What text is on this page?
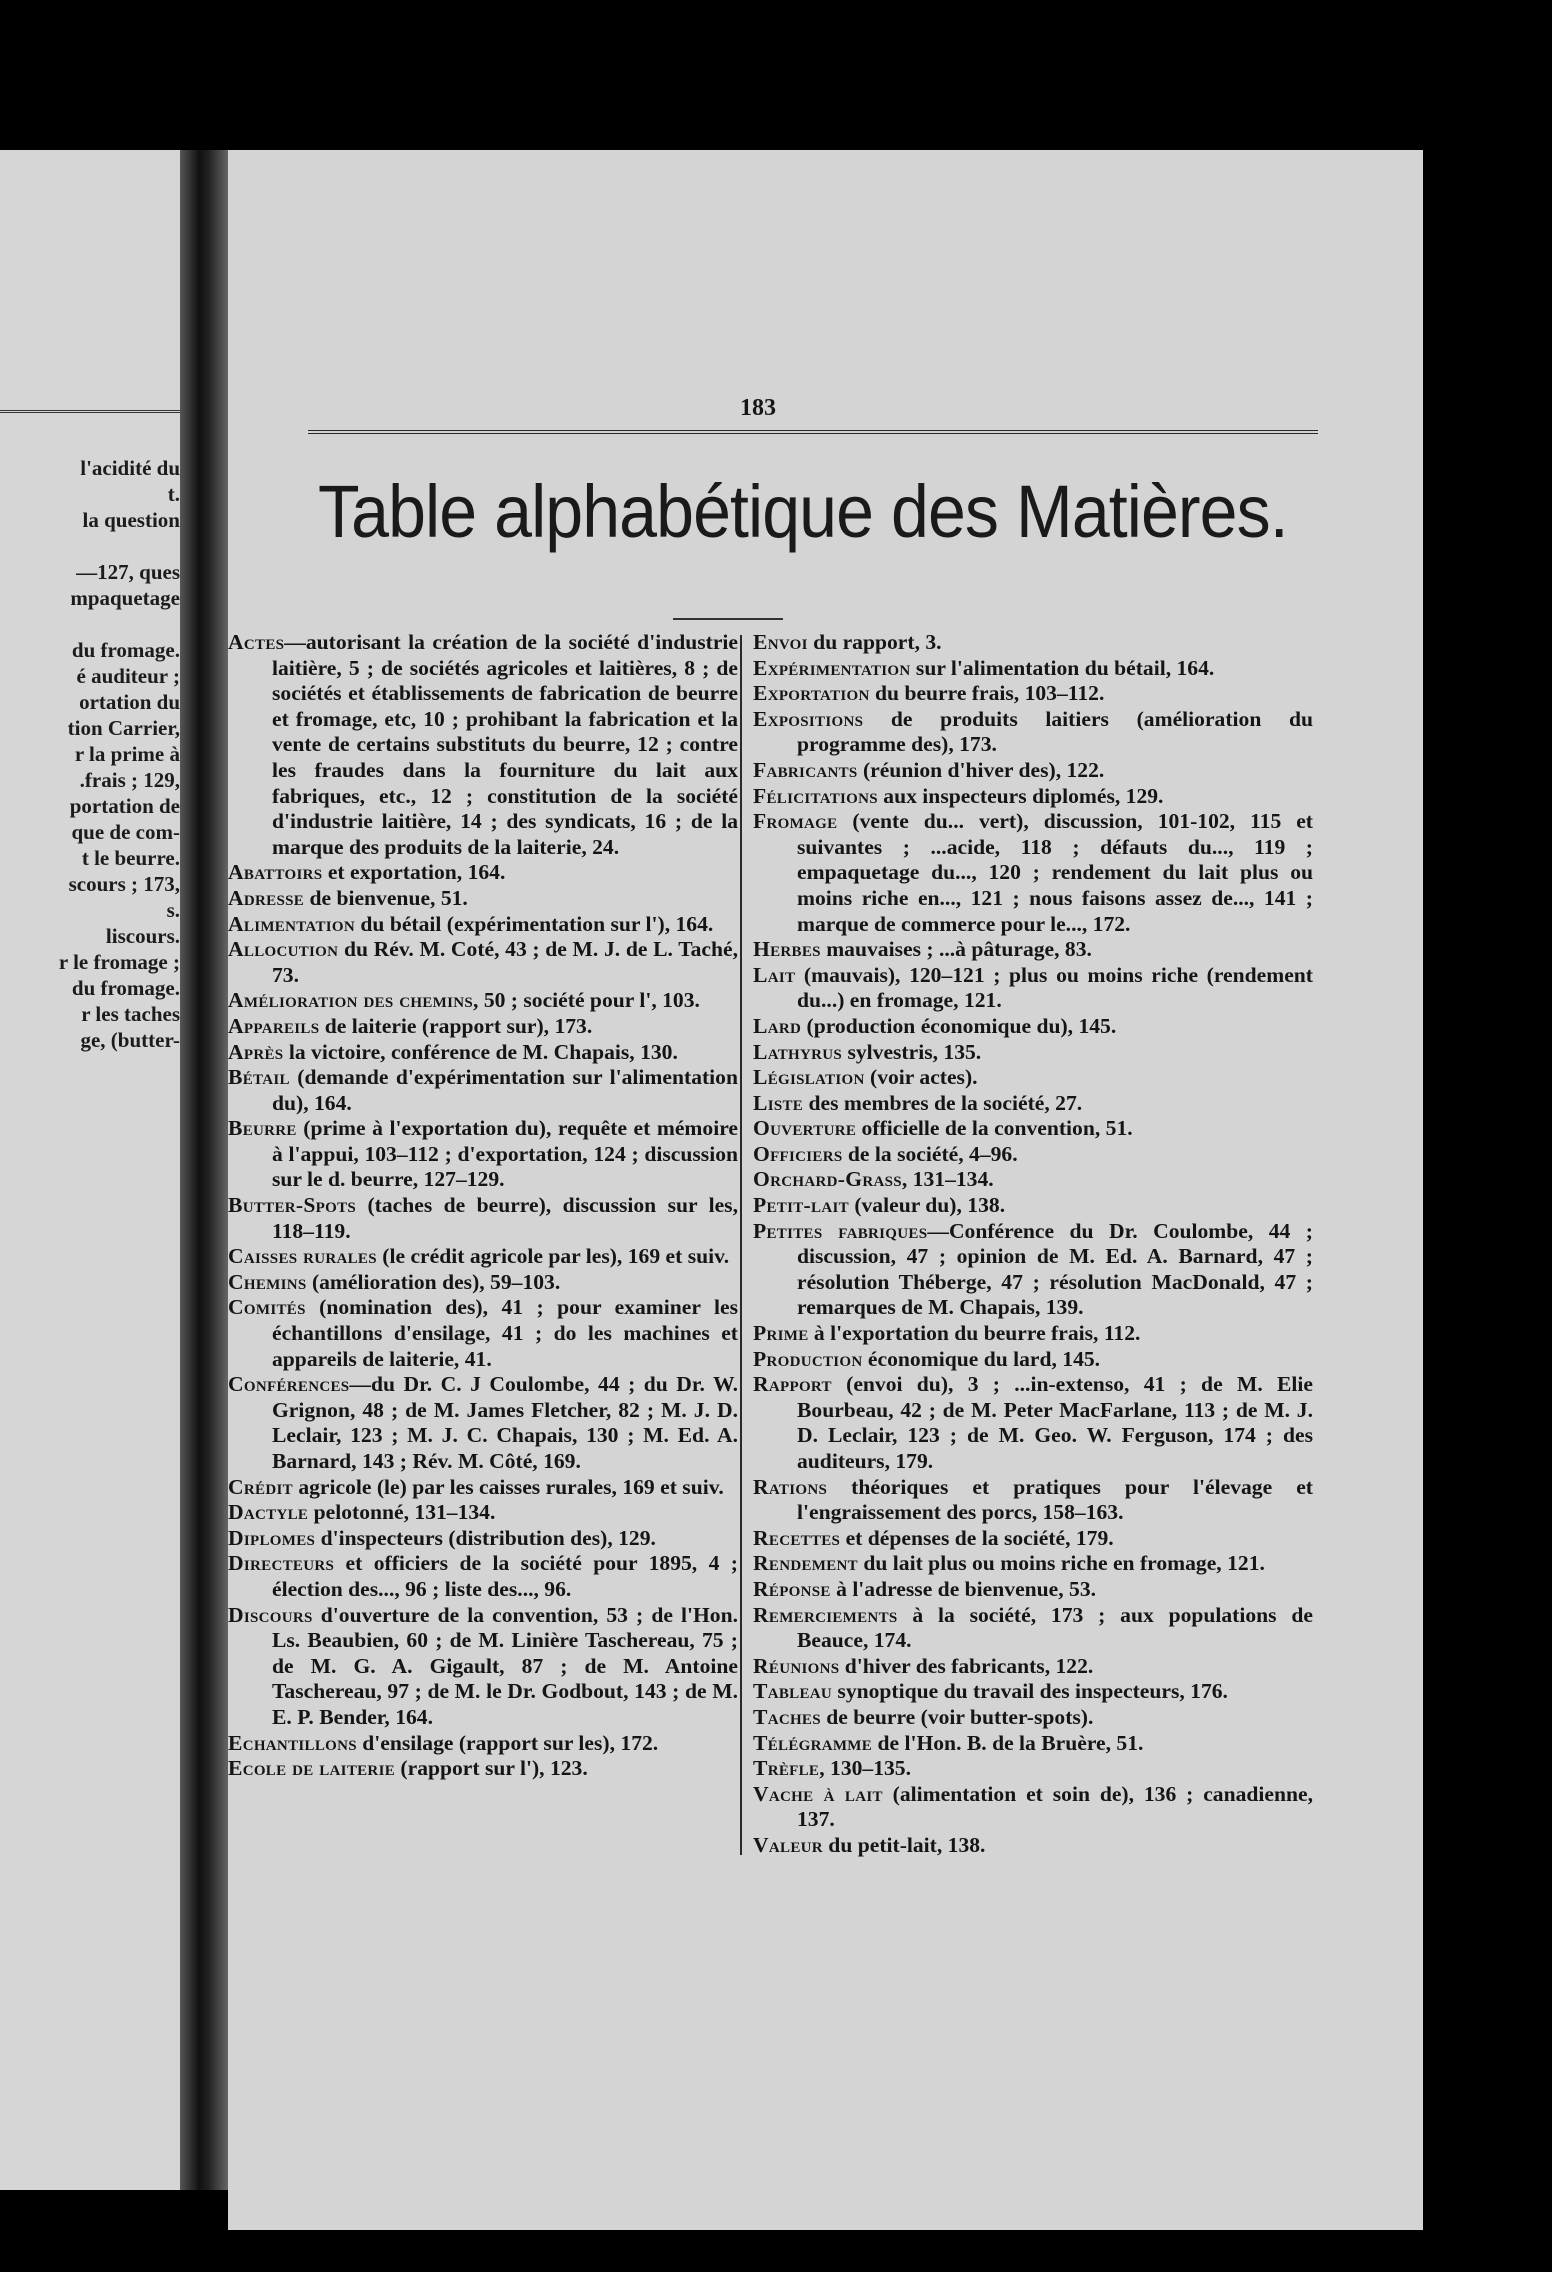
l'acidité du
t.
la question

—127, ques
mpaquetage

du fromage.
é auditeur ;
ortation du
tion Carrier,
r la prime à
.frais ; 129,
portation de
que de com-
t le beurre.
scours ; 173,
s.
liscours.
r le fromage ;
du fromage.
r les taches
ge, (butter-
183
Table alphabétique des Matières.

Actes—autorisant la création de la société d'industrie laitière, 5 ; de sociétés agricoles et laitières, 8 ; de sociétés et établissements de fabrication de beurre et fromage, etc, 10 ; prohibant la fabrication et la vente de certains substituts du beurre, 12 ; contre les fraudes dans la fourniture du lait aux fabriques, etc., 12 ; constitution de la société d'industrie laitière, 14 ; des syndicats, 16 ; de la marque des produits de la laiterie, 24.

Abattoirs et exportation, 164.

Adresse de bienvenue, 51.

Alimentation du bétail (expérimentation sur l'), 164.

Allocution du Rév. M. Coté, 43 ; de M. J. de L. Taché, 73.

Amélioration des chemins, 50 ; société pour l', 103.

Appareils de laiterie (rapport sur), 173.

Après la victoire, conférence de M. Chapais, 130.

Bétail (demande d'expérimentation sur l'alimentation du), 164.

Beurre (prime à l'exportation du), requête et mémoire à l'appui, 103–112 ; d'exportation, 124 ; discussion sur le d. beurre, 127–129.

Butter-Spots (taches de beurre), discussion sur les, 118–119.

Caisses rurales (le crédit agricole par les), 169 et suiv.

Chemins (amélioration des), 59–103.

Comités (nomination des), 41 ; pour examiner les échantillons d'ensilage, 41 ; do les machines et appareils de laiterie, 41.

Conférences—du Dr. C. J Coulombe, 44 ; du Dr. W. Grignon, 48 ; de M. James Fletcher, 82 ; M. J. D. Leclair, 123 ; M. J. C. Chapais, 130 ; M. Ed. A. Barnard, 143 ; Rév. M. Côté, 169.

Crédit agricole (le) par les caisses rurales, 169 et suiv.

Dactyle pelotonné, 131–134.

Diplomes d'inspecteurs (distribution des), 129.

Directeurs et officiers de la société pour 1895, 4 ; élection des..., 96 ; liste des..., 96.

Discours d'ouverture de la convention, 53 ; de l'Hon. Ls. Beaubien, 60 ; de M. Linière Taschereau, 75 ; de M. G. A. Gigault, 87 ; de M. Antoine Taschereau, 97 ; de M. le Dr. Godbout, 143 ; de M. E. P. Bender, 164.

Echantillons d'ensilage (rapport sur les), 172.

Ecole de laiterie (rapport sur l'), 123.

Envoi du rapport, 3.

Expérimentation sur l'alimentation du bétail, 164.

Exportation du beurre frais, 103–112.

Expositions de produits laitiers (amélioration du programme des), 173.

Fabricants (réunion d'hiver des), 122.

Félicitations aux inspecteurs diplomés, 129.

Fromage (vente du... vert), discussion, 101-102, 115 et suivantes ; ...acide, 118 ; défauts du..., 119 ; empaquetage du..., 120 ; rendement du lait plus ou moins riche en..., 121 ; nous faisons assez de..., 141 ; marque de commerce pour le..., 172.

Herbes mauvaises ; ...à pâturage, 83.

Lait (mauvais), 120–121 ; plus ou moins riche (rendement du...) en fromage, 121.

Lard (production économique du), 145.

Lathyrus sylvestris, 135.

Législation (voir actes).

Liste des membres de la société, 27.

Ouverture officielle de la convention, 51.

Officiers de la société, 4–96.

Orchard-Grass, 131–134.

Petit-lait (valeur du), 138.

Petites fabriques—Conférence du Dr. Coulombe, 44 ; discussion, 47 ; opinion de M. Ed. A. Barnard, 47 ; résolution Théberge, 47 ; résolution MacDonald, 47 ; remarques de M. Chapais, 139.

Prime à l'exportation du beurre frais, 112.

Production économique du lard, 145.

Rapport (envoi du), 3 ; ...in-extenso, 41 ; de M. Elie Bourbeau, 42 ; de M. Peter MacFarlane, 113 ; de M. J. D. Leclair, 123 ; de M. Geo. W. Ferguson, 174 ; des auditeurs, 179.

Rations théoriques et pratiques pour l'élevage et l'engraissement des porcs, 158–163.

Recettes et dépenses de la société, 179.

Rendement du lait plus ou moins riche en fromage, 121.

Réponse à l'adresse de bienvenue, 53.

Remerciements à la société, 173 ; aux populations de Beauce, 174.

Réunions d'hiver des fabricants, 122.

Tableau synoptique du travail des inspecteurs, 176.

Taches de beurre (voir butter-spots).

Télégramme de l'Hon. B. de la Bruère, 51.

Trèfle, 130–135.

Vache à lait (alimentation et soin de), 136 ; canadienne, 137.

Valeur du petit-lait, 138.
